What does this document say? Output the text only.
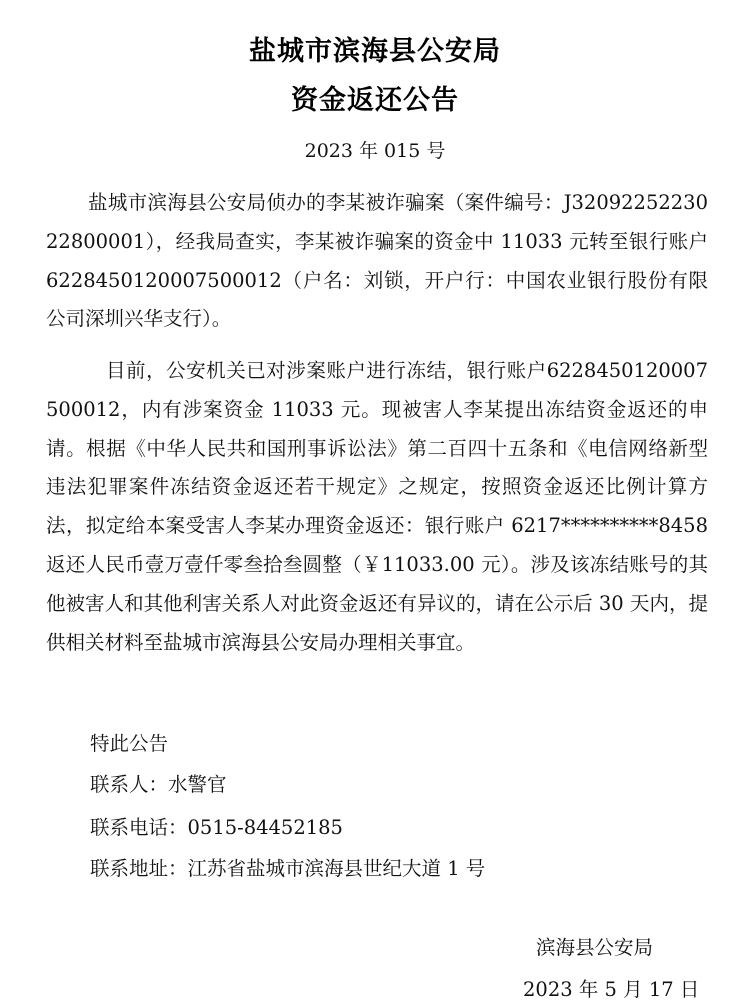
盐城市滨海县公安局
资金返还公告

2023 年 015 号

盐城市滨海县公安局侦办的李某被诈骗案（案件编号：J3209225223022800001），经我局查实，李某被诈骗案的资金中 11033 元转至银行账户 6228450120007500012（户名：刘锁，开户行：中国农业银行股份有限公司深圳兴华支行）。

目前，公安机关已对涉案账户进行冻结，银行账户6228450120007500012，内有涉案资金 11033 元。现被害人李某提出冻结资金返还的申请。根据《中华人民共和国刑事诉讼法》第二百四十五条和《电信网络新型违法犯罪案件冻结资金返还若干规定》之规定，按照资金返还比例计算方法，拟定给本案受害人李某办理资金返还：银行账户 6217**********8458 返还人民币壹万壹仟零叁拾叁圆整（￥11033.00 元）。涉及该冻结账号的其他被害人和其他利害关系人对此资金返还有异议的，请在公示后 30 天内，提供相关材料至盐城市滨海县公安局办理相关事宜。

特此公告

联系人：水警官

联系电话：0515-84452185

联系地址：江苏省盐城市滨海县世纪大道 1 号

滨海县公安局

2023 年 5 月 17 日
